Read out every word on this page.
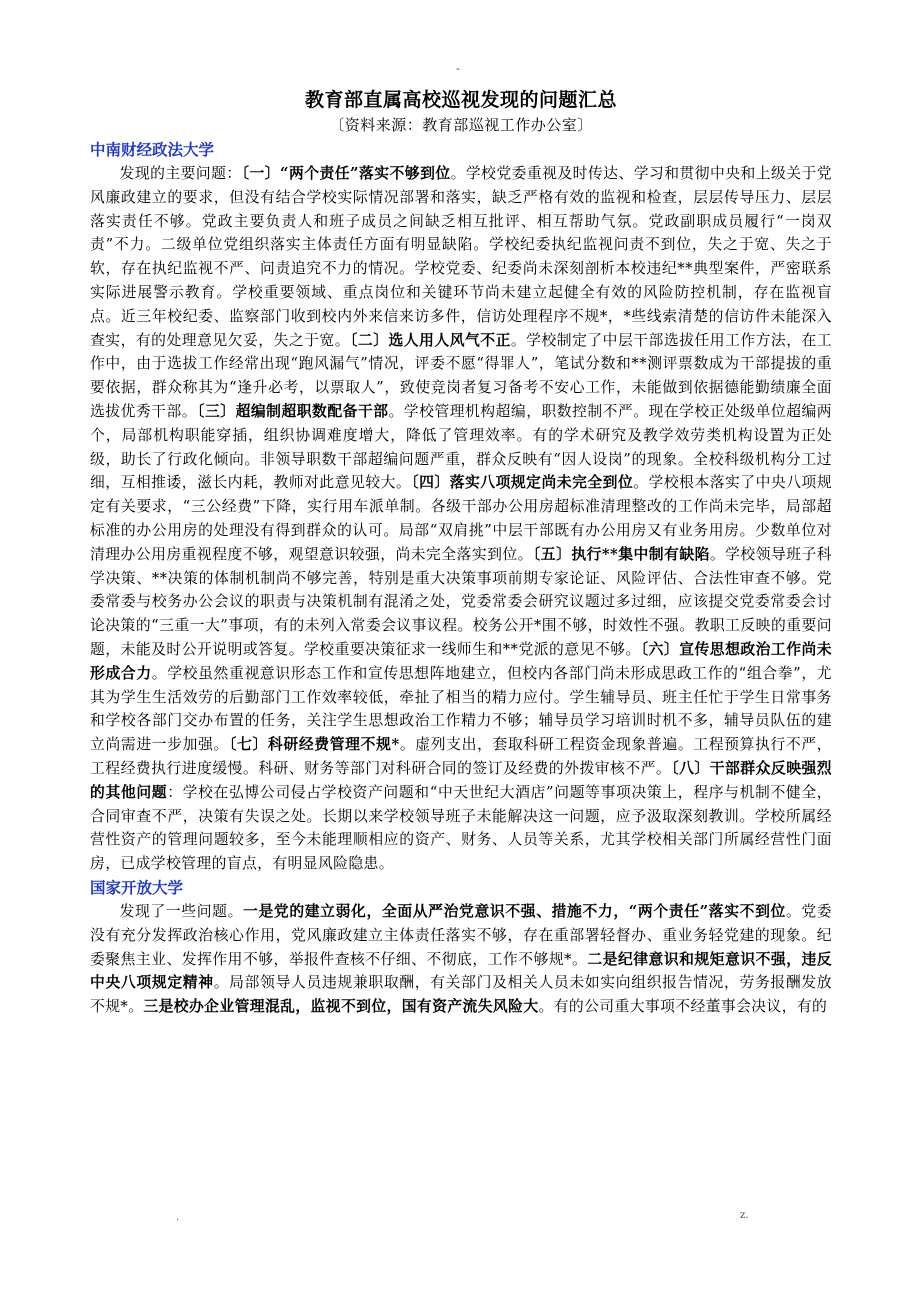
-
教育部直属高校巡视发现的问题汇总

〔资料来源：教育部巡视工作办公室〕

中南财经政法大学

发现的主要问题：〔一〕“两个责任”落实不够到位。学校党委重视及时传达、学习和贯彻中央和上级关于党风廉政建立的要求，但没有结合学校实际情况部署和落实，缺乏严格有效的监视和检查，层层传导压力、层层落实责任不够。党政主要负责人和班子成员之间缺乏相互批评、相互帮助气氛。党政副职成员履行“一岗双责”不力。二级单位党组织落实主体责任方面有明显缺陷。学校纪委执纪监视问责不到位，失之于宽、失之于软，存在执纪监视不严、问责追究不力的情况。学校党委、纪委尚未深刻剖析本校违纪**典型案件，严密联系实际进展警示教育。学校重要领域、重点岗位和关键环节尚未建立起健全有效的风险防控机制，存在监视盲点。近三年校纪委、监察部门收到校内外来信来访多件，信访处理程序不规*，*些线索清楚的信访件未能深入查实，有的处理意见欠妥，失之于宽。〔二〕选人用人风气不正。学校制定了中层干部选拔任用工作方法，在工作中，由于选拔工作经常出现“跑风漏气”情况，评委不愿“得罪人”，笔试分数和**测评票数成为干部提拔的重要依据，群众称其为“逢升必考，以票取人”，致使竞岗者复习备考不安心工作，未能做到依据德能勤绩廉全面选拔优秀干部。〔三〕超编制超职数配备干部。学校管理机构超编，职数控制不严。现在学校正处级单位超编两个，局部机构职能穿插，组织协调难度增大，降低了管理效率。有的学术研究及教学效劳类机构设置为正处级，助长了行政化倾向。非领导职数干部超编问题严重，群众反映有“因人设岗”的现象。全校科级机构分工过细，互相推诿，滋长内耗，教师对此意见较大。〔四〕落实八项规定尚未完全到位。学校根本落实了中央八项规定有关要求，“三公经费”下降，实行用车派单制。各级干部办公用房超标准清理整改的工作尚未完毕，局部超标准的办公用房的处理没有得到群众的认可。局部“双肩挑”中层干部既有办公用房又有业务用房。少数单位对清理办公用房重视程度不够，观望意识较强，尚未完全落实到位。〔五〕执行**集中制有缺陷。学校领导班子科学决策、**决策的体制机制尚不够完善，特别是重大决策事项前期专家论证、风险评估、合法性审查不够。党委常委与校务办公会议的职责与决策机制有混淆之处，党委常委会研究议题过多过细，应该提交党委常委会讨论决策的“三重一大”事项，有的未列入常委会议事议程。校务公开*围不够，时效性不强。教职工反映的重要问题，未能及时公开说明或答复。学校重要决策征求一线师生和**党派的意见不够。〔六〕宣传思想政治工作尚未形成合力。学校虽然重视意识形态工作和宣传思想阵地建立，但校内各部门尚未形成思政工作的“组合拳”，尤其为学生生活效劳的后勤部门工作效率较低，牵扯了相当的精力应付。学生辅导员、班主任忙于学生日常事务和学校各部门交办布置的任务，关注学生思想政治工作精力不够；辅导员学习培训时机不多，辅导员队伍的建立尚需进一步加强。〔七〕科研经费管理不规*。虚列支出，套取科研工程资金现象普遍。工程预算执行不严，工程经费执行进度缓慢。科研、财务等部门对科研合同的签订及经费的外拨审核不严。〔八〕干部群众反映强烈的其他问题：学校在弘博公司侵占学校资产问题和“中天世纪大酒店”问题等事项决策上，程序与机制不健全，合同审查不严，决策有失误之处。长期以来学校领导班子未能解决这一问题，应予汲取深刻教训。学校所属经营性资产的管理问题较多，至今未能理顺相应的资产、财务、人员等关系，尤其学校相关部门所属经营性门面房，已成学校管理的盲点，有明显风险隐患。

国家开放大学

发现了一些问题。一是党的建立弱化，全面从严治党意识不强、措施不力，“两个责任”落实不到位。党委没有充分发挥政治核心作用，党风廉政建立主体责任落实不够，存在重部署轻督办、重业务轻党建的现象。纪委聚焦主业、发挥作用不够，举报件查核不仔细、不彻底，工作不够规*。二是纪律意识和规矩意识不强，违反中央八项规定精神。局部领导人员违规兼职取酬，有关部门及相关人员未如实向组织报告情况，劳务报酬发放不规*。三是校办企业管理混乱，监视不到位，国有资产流失风险大。有的公司重大事项不经董事会决议，有的

.	z.
